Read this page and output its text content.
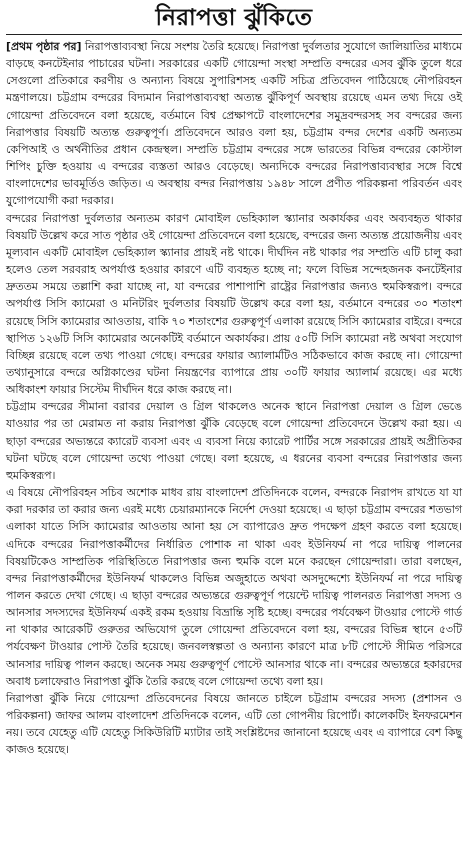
নিরাপত্তা ঝুঁকিতে

[প্রথম পৃষ্ঠার পর] নিরাপত্তাব্যবস্থা নিয়ে সংশয় তৈরি হয়েছে। নিরাপত্তা দুর্বলতার সুযোগে জালিয়াতির মাধ্যমে বাড়ছে কনটেইনার পাচারের ঘটনা। সরকারের একটি গোয়েন্দা সংস্থা সম্প্রতি বন্দরের এসব ঝুঁকি তুলে ধরে সেগুলো প্রতিকারে করণীয় ও অন্যান্য বিষয়ে সুপারিশসহ একটি সচিত্র প্রতিবেদন পাঠিয়েছে নৌপরিবহন মন্ত্রণালয়ে। চট্টগ্রাম বন্দরের বিদ্যমান নিরাপত্তাব্যবস্থা অত্যন্ত ঝুঁকিপূর্ণ অবস্থায় রয়েছে এমন তথ্য দিয়ে ওই গোয়েন্দা প্রতিবেদনে বলা হয়েছে, বর্তমানে বিশ্ব প্রেক্ষাপটে বাংলাদেশের সমুদ্রবন্দরসহ সব বন্দরের জন্য নিরাপত্তার বিষয়টি অত্যন্ত গুরুত্বপূর্ণ। প্রতিবেদনে আরও বলা হয়, চট্টগ্রাম বন্দর দেশের একটি অন্যতম কেপিআই ও অর্থনীতির প্রধান কেন্দ্রস্থল। সম্প্রতি চট্টগ্রাম বন্দরের সঙ্গে ভারতের বিভিন্ন বন্দরের কোস্টাল শিপিং চুক্তি হওয়ায় এ বন্দরের ব্যস্ততা আরও বেড়েছে। অন্যদিকে বন্দরের নিরাপত্তাব্যবস্থার সঙ্গে বিশ্বে বাংলাদেশের ভাবমূর্তিও জড়িত। এ অবস্থায় বন্দর নিরাপত্তায় ১৯৪৮ সালে প্রণীত পরিকল্পনা পরিবর্তন এবং যুগোপযোগী করা দরকার।

বন্দরের নিরাপত্তা দুর্বলতার অন্যতম কারণ মোবাইল ভেহিক্যাল স্ক্যানার অকার্যকর এবং অব্যবহৃত থাকার বিষয়টি উল্লেখ করে সাত পৃষ্ঠার ওই গোয়েন্দা প্রতিবেদনে বলা হয়েছে, বন্দরের জন্য অত্যন্ত প্রয়োজনীয় এবং মূল্যবান একটি মোবাইল ভেহিক্যাল স্ক্যানার প্রায়ই নষ্ট থাকে। দীর্ঘদিন নষ্ট থাকার পর সম্প্রতি এটি চালু করা হলেও তেল সরবরাহ অপর্যাপ্ত হওয়ার কারণে এটি ব্যবহৃত হচ্ছে না; ফলে বিভিন্ন সন্দেহজনক কনটেইনার দ্রুততম সময়ে তল্লাশি করা যাচ্ছে না, যা বন্দরের পাশাপাশি রাষ্ট্রের নিরাপত্তার জন্যও হুমকিস্বরূপ। বন্দরে অপর্যাপ্ত সিসি ক্যামেরা ও মনিটরিং দুর্বলতার বিষয়টি উল্লেখ করে বলা হয়, বর্তমানে বন্দরের ৩০ শতাংশ রয়েছে সিসি ক্যামেরার আওতায়, বাকি ৭০ শতাংশের গুরুত্বপূর্ণ এলাকা রয়েছে সিসি ক্যামেরার বাইরে। বন্দরে স্থাপিত ১২৬টি সিসি ক্যামেরার অনেকটিই বর্তমানে অকার্যকর। প্রায় ৫০টি সিসি ক্যামেরা নষ্ট অথবা সংযোগ বিচ্ছিন্ন রয়েছে বলে তথ্য পাওয়া গেছে। বন্দরের ফায়ার অ্যালার্মটিও সঠিকভাবে কাজ করছে না। গোয়েন্দা তথ্যানুসারে বন্দরে অগ্নিকাণ্ডের ঘটনা নিয়ন্ত্রণের ব্যাপারে প্রায় ৩০টি ফায়ার অ্যালার্ম রয়েছে। এর মধ্যে অধিকাংশ ফায়ার সিস্টেম দীর্ঘদিন ধরে কাজ করছে না।

চট্টগ্রাম বন্দরের সীমানা বরাবর দেয়াল ও গ্রিল থাকলেও অনেক স্থানে নিরাপত্তা দেয়াল ও গ্রিল ভেঙে যাওয়ার পর তা মেরামত না করায় নিরাপত্তা ঝুঁকি বেড়েছে বলে গোয়েন্দা প্রতিবেদনে উল্লেখ করা হয়। এ ছাড়া বন্দরের অভ্যন্তরে ক্যারেট ব্যবসা এবং এ ব্যবসা নিয়ে ক্যারেট পার্টির সঙ্গে সরকারের প্রায়ই অপ্রীতিকর ঘটনা ঘটছে বলে গোয়েন্দা তথ্যে পাওয়া গেছে। বলা হয়েছে, এ ধরনের ব্যবসা বন্দরের নিরাপত্তার জন্য হুমকিস্বরূপ।

এ বিষয়ে নৌপরিবহন সচিব অশোক মাধব রায় বাংলাদেশ প্রতিদিনকে বলেন, বন্দরকে নিরাপদ রাখতে যা যা করা দরকার তা করার জন্য এরই মধ্যে চেয়ারম্যানকে নির্দেশ দেওয়া হয়েছে। এ ছাড়া চট্টগ্রাম বন্দরের শতভাগ এলাকা যাতে সিসি ক্যামেরার আওতায় আনা হয় সে ব্যাপারেও দ্রুত পদক্ষেপ গ্রহণ করতে বলা হয়েছে। এদিকে বন্দরের নিরাপত্তাকর্মীদের নির্ধারিত পোশাক না থাকা এবং ইউনিফর্ম না পরে দায়িত্ব পালনের বিষয়টিকেও সাম্প্রতিক পরিস্থিতিতে নিরাপত্তার জন্য হুমকি বলে মনে করছেন গোয়েন্দারা। তারা বলছেন, বন্দর নিরাপত্তাকর্মীদের ইউনিফর্ম থাকলেও বিভিন্ন অজুহাতে অথবা অসদুদ্দেশ্যে ইউনিফর্ম না পরে দায়িত্ব পালন করতে দেখা গেছে। এ ছাড়া বন্দরের অভ্যন্তরে গুরুত্বপূর্ণ পয়েন্টে দায়িত্ব পালনরত নিরাপত্তা সদস্য ও আনসার সদস্যদের ইউনিফর্ম একই রকম হওয়ায় বিভ্রান্তি সৃষ্টি হচ্ছে। বন্দরের পর্যবেক্ষণ টাওয়ার পোস্টে গার্ড না থাকার আরেকটি গুরুতর অভিযোগ তুলে গোয়েন্দা প্রতিবেদনে বলা হয়, বন্দরের বিভিন্ন স্থানে ৫৩টি পর্যবেক্ষণ টাওয়ার পোস্ট তৈরি হয়েছে। জনবলস্বল্পতা ও অন্যান্য কারণে মাত্র ৮টি পোস্টে সীমিত পরিসরে আনসার দায়িত্ব পালন করছে। অনেক সময় গুরুত্বপূর্ণ পোস্টে আনসার থাকে না। বন্দরের অভ্যন্তরে হকারদের অবাধ চলাফেরাও নিরাপত্তা ঝুঁকি তৈরি করছে বলে গোয়েন্দা তথ্যে বলা হয়।

নিরাপত্তা ঝুঁকি নিয়ে গোয়েন্দা প্রতিবেদনের বিষয়ে জানতে চাইলে চট্টগ্রাম বন্দরের সদস্য (প্রশাসন ও পরিকল্পনা) জাফর আলম বাংলাদেশ প্রতিদিনকে বলেন, এটি তো গোপনীয় রিপোর্ট। কালেকটিং ইনফরমেশন নয়। তবে যেহেতু এটি যেহেতু সিকিউরিটি ম্যাটার তাই সংশ্লিষ্টদের জানানো হয়েছে এবং এ ব্যাপারে বেশ কিছু কাজও হয়েছে।
